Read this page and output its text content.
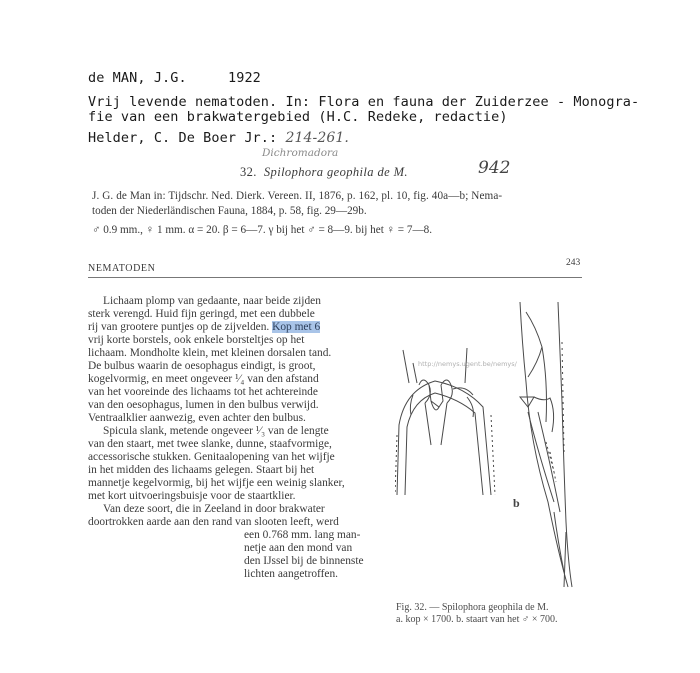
de MAN, J.G.	1922
Vrij levende nematoden. In: Flora en fauna der Zuiderzee - Monogra-
fie van een brakwatergebied (H.C. Redeke, redactie)
Helder, C. De Boer Jr.: 214-261.
Dichromadora
32. Spilophora geophila de M.	942
J. G. de Man in: Tijdschr. Ned. Dierk. Vereen. II, 1876, p. 162, pl. 10, fig. 40a—b; Nema-
toden der Niederländischen Fauna, 1884, p. 58, fig. 29—29b.
♂ 0.9 mm., ♀ 1 mm. α = 20. β = 6—7. γ bij het ♂ = 8—9. bij het ♀ = 7—8.
NEMATODEN	243
Lichaam plomp van gedaante, naar beide zijden
sterk verengd. Huid fijn geringd, met een dubbele
rij van grootere puntjes op de zijvelden. Kop met 6
vrij korte borstels, ook enkele borsteltjes op het
lichaam. Mondholte klein, met kleinen dorsalen tand.
De bulbus waarin de oesophagus eindigt, is groot,
kogelvormig, en meet ongeveer ¹⁄₄ van den afstand
van het vooreinde des lichaams tot het achtereinde
van den oesophagus, lumen in den bulbus verwijd.
Ventraalklier aanwezig, even achter den bulbus.
Spicula slank, metende ongeveer ¹⁄₃ van de lengte
van den staart, met twee slanke, dunne, staafvormige,
accessorische stukken. Genitaalopening van het wijfje
in het midden des lichaams gelegen. Staart bij het
mannetje kegelvormig, bij het wijfje een weinig slanker,
met kort uitvoeringsbuisje voor de staartklier.
Van deze soort, die in Zeeland in door brakwater
doortrokken aarde aan den rand van slooten leeft, werd
een 0.768 mm. lang man-
netje aan den mond van
den IJssel bij de binnenste
lichten aangetroffen.
b
http://nemys.ugent.be/nemys/
Fig. 32. — Spilophora geophila de M.
a. kop × 1700. b. staart van het ♂ × 700.
